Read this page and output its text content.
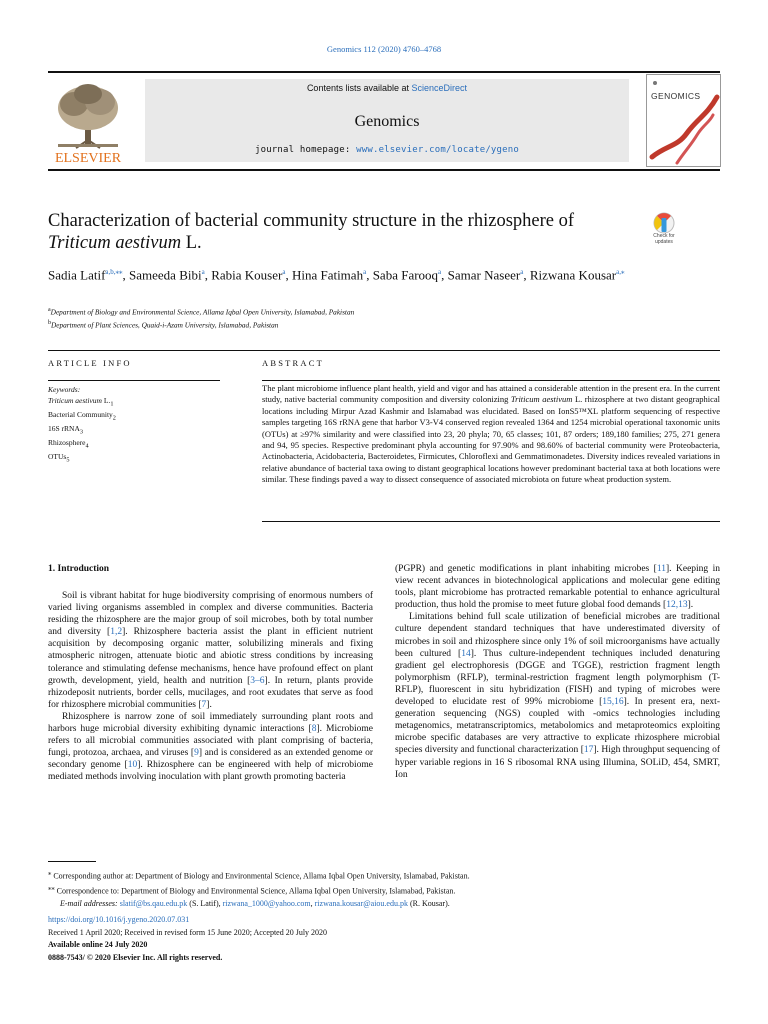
Genomics 112 (2020) 4760–4768
ELSEVIER
Contents lists available at ScienceDirect
Genomics
journal homepage: www.elsevier.com/locate/ygeno
GENOMICS
Characterization of bacterial community structure in the rhizosphere of Triticum aestivum L.	Check for
updates
Sadia Latif$^{a,b,⁎⁎}$, Sameeda Bibi$^a$, Rabia Kouser$^a$, Hina Fatimah$^a$, Saba Farooq$^a$, Samar Naseer$^a$, Rizwana Kousar$^{a,⁎}$
$^a$Department of Biology and Environmental Science, Allama Iqbal Open University, Islamabad, Pakistan
$^b$Department of Plant Sciences, Quaid-i-Azam University, Islamabad, Pakistan
ARTICLE INFO	ABSTRACT
Keywords:
Triticum aestivum $L._1$
Bacterial Community$_2$
16S rRNA$_3$
Rhizosphere$_4$
OTUs$_5$
The plant microbiome influence plant health, yield and vigor and has attained a considerable attention in the present era. In the current study, native bacterial community composition and diversity colonizing Triticum aestivum L. rhizosphere at two distant geographical locations including Mirpur Azad Kashmir and Islamabad was elucidated. Based on IonS5™XL platform sequencing of respective samples targeting 16S rRNA gene that harbor V3-V4 conserved region revealed 1364 and 1254 microbial operational taxonomic units (OTUs) at ≥97% similarity and were classified into 23, 20 phyla; 70, 65 classes; 101, 87 orders; 189,180 families; 275, 271 genera and 94, 95 species. Respective predominant phyla accounting for 97.90% and 98.60% of bacterial community were Proteobacteria, Actinobacteria, Acidobacteria, Bacteroidetes, Firmicutes, Chloroflexi and Gemmatimonadetes. Diversity indices revealed variations in relative abundance of bacterial taxa owing to distant geographical locations however predominant bacterial taxa at both locations were similar. These findings paved a way to dissect consequence of associated microbiota on future wheat production system.
1. Introduction

Soil is vibrant habitat for huge biodiversity comprising of enormous numbers of varied living organisms assembled in complex and diverse communities. Bacteria residing the rhizosphere are the major group of soil microbes, both by total number and diversity [1,2]. Rhizosphere bacteria assist the plant in efficient nutrient acquisition by decomposing organic matter, solubilizing minerals and fixing atmospheric nitrogen, attenuate biotic and abiotic stress conditions by increasing tolerance and stimulating defense mechanisms, hence have profound effect on plant growth, development, yield, health and nutrition [3–6]. In return, plants provide rhizodeposit nutrients, border cells, mucilages, and root exudates that serve as food for rhizosphere microbial communities [7].

Rhizosphere is narrow zone of soil immediately surrounding plant roots and harbors huge microbial diversity exhibiting dynamic interactions [8]. Microbiome refers to all microbial communities associated with plant comprising of bacteria, fungi, protozoa, archaea, and viruses [9] and is considered as an extended genome or secondary genome [10]. Rhizosphere can be engineered with help of microbiome mediated methods involving inoculation with plant growth promoting bacteria

(PGPR) and genetic modifications in plant inhabiting microbes [11]. Keeping in view recent advances in biotechnological applications and molecular gene editing tools, plant microbiome has protracted remarkable potential to enhance agricultural production, thus hold the promise to meet future global food demands [12,13].

Limitations behind full scale utilization of beneficial microbes are traditional culture dependent standard techniques that have underestimated diversity of microbes in soil and rhizosphere since only 1% of soil microorganisms have actually been cultured [14]. Thus culture-independent techniques included denaturing gradient gel electrophoresis (DGGE and TGGE), restriction fragment length polymorphism (RFLP), terminal-restriction fragment length polymorphism (T-RFLP), fluorescent in situ hybridization (FISH) and typing of microbes were developed to elucidate rest of 99% microbiome [15,16]. In present era, next-generation sequencing (NGS) coupled with -omics technologies including metagenomics, metatranscriptomics, metabolomics and metaproteomics exploiting microbe specific databases are very attractive to explicate rhizosphere microbial species diversity and functional characterization [17]. High throughput sequencing of hyper variable regions in 16 S ribosomal RNA using Illumina, SOLiD, 454, SMRT, Ion

⁎ Corresponding author at: Department of Biology and Environmental Science, Allama Iqbal Open University, Islamabad, Pakistan.
⁎⁎ Correspondence to: Department of Biology and Environmental Science, Allama Iqbal Open University, Islamabad, Pakistan.
E-mail addresses: slatif@bs.qau.edu.pk (S. Latif), rizwana_1000@yahoo.com, rizwana.kousar@aiou.edu.pk (R. Kousar).
https://doi.org/10.1016/j.ygeno.2020.07.031
Received 1 April 2020; Received in revised form 15 June 2020; Accepted 20 July 2020
Available online 24 July 2020
0888-7543/ © 2020 Elsevier Inc. All rights reserved.
